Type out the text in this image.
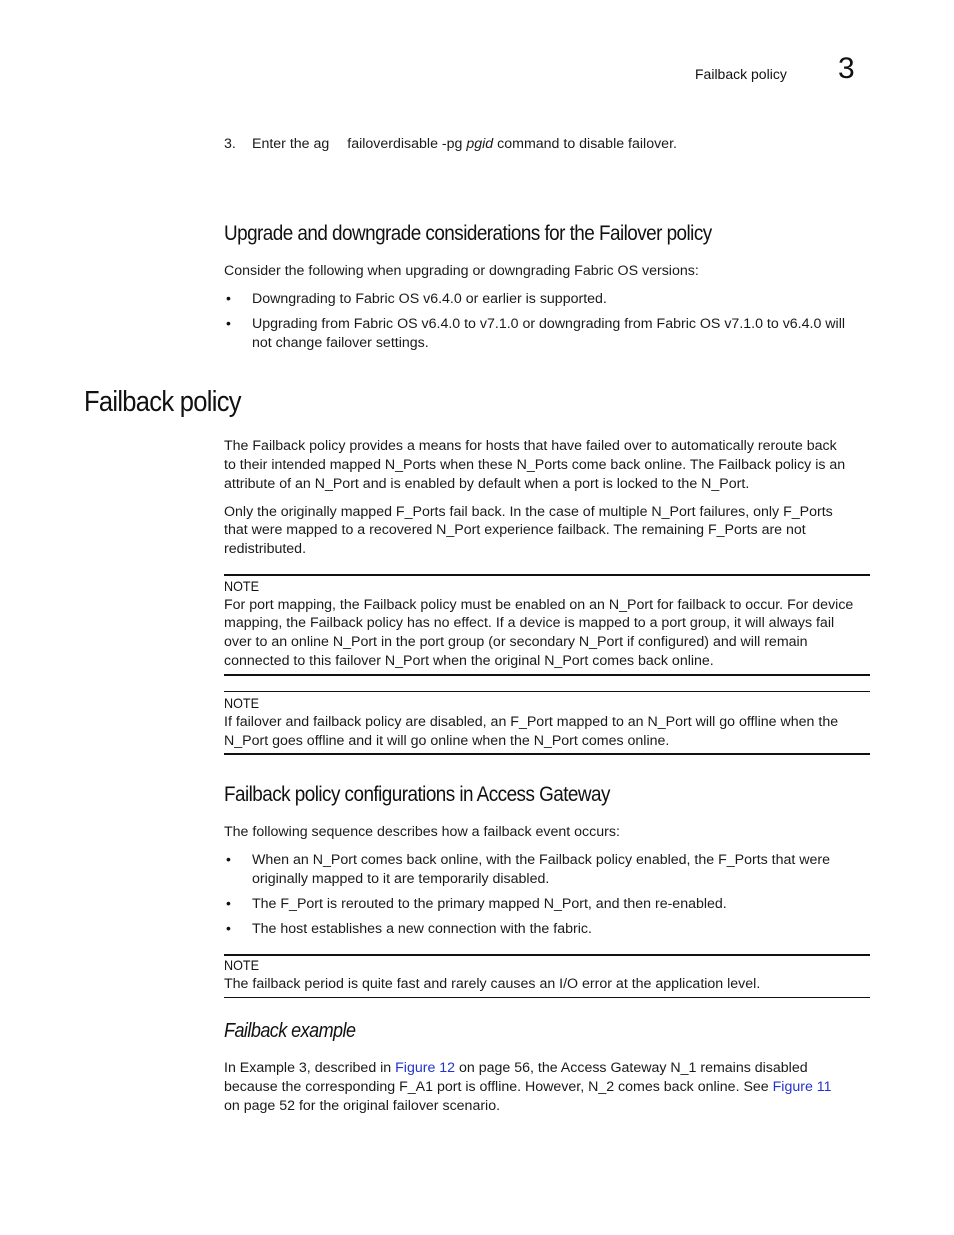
Failback policy 3
3. Enter the ag failoverdisable -pg pgid command to disable failover.
Upgrade and downgrade considerations for the Failover policy
Consider the following when upgrading or downgrading Fabric OS versions:
• Downgrading to Fabric OS v6.4.0 or earlier is supported.
• Upgrading from Fabric OS v6.4.0 to v7.1.0 or downgrading from Fabric OS v7.1.0 to v6.4.0 will
not change failover settings.
Failback policy
The Failback policy provides a means for hosts that have failed over to automatically reroute back
to their intended mapped N_Ports when these N_Ports come back online. The Failback policy is an
attribute of an N_Port and is enabled by default when a port is locked to the N_Port.
Only the originally mapped F_Ports fail back. In the case of multiple N_Port failures, only F_Ports
that were mapped to a recovered N_Port experience failback. The remaining F_Ports are not
redistributed.
NOTE
For port mapping, the Failback policy must be enabled on an N_Port for failback to occur. For device
mapping, the Failback policy has no effect. If a device is mapped to a port group, it will always fail
over to an online N_Port in the port group (or secondary N_Port if configured) and will remain
connected to this failover N_Port when the original N_Port comes back online.
NOTE
If failover and failback policy are disabled, an F_Port mapped to an N_Port will go offline when the
N_Port goes offline and it will go online when the N_Port comes online.
Failback policy configurations in Access Gateway
The following sequence describes how a failback event occurs:
• When an N_Port comes back online, with the Failback policy enabled, the F_Ports that were
originally mapped to it are temporarily disabled.
• The F_Port is rerouted to the primary mapped N_Port, and then re-enabled.
• The host establishes a new connection with the fabric.
NOTE
The failback period is quite fast and rarely causes an I/O error at the application level.
Failback example
In Example 3, described in Figure 12 on page 56, the Access Gateway N_1 remains disabled
because the corresponding F_A1 port is offline. However, N_2 comes back online. See Figure 11
on page 52 for the original failover scenario.
